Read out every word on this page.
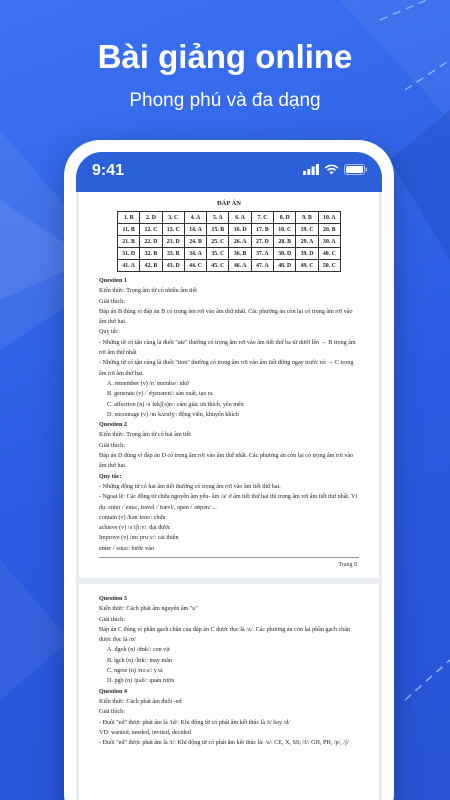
Bài giảng online
Phong phú và đa dạng
9:41
ĐÁP ÁN
1. B	2. D	3. C	4. A	5. A	6. A	7. C	8. D	9. B	10. A
11. B	12. C	13. C	14. A	15. B	16. D	17. B	18. C	19. C	20. B
21. B	22. D	23. D	24. B	25. C	26. A	27. D	28. B	29. A	30. A
31. D	32. B	33. B	34. A	35. C	36. B	37. A	38. D	39. D	40. C
41. A	42. B	43. D	44. C	45. C	46. A	47. A	48. D	49. C	50. C

Question 1

Kiến thức: Trọng âm từ có nhiều âm tiết

Giải thích:

Đáp án B đúng vì đáp án B có trọng âm rơi vào âm thứ nhất. Các phương án còn lại có trọng âm rơi vào

âm thứ hai.

Quy tắc:

- Những từ có tận cùng là đuôi "ate" thường có trọng âm rơi vào âm tiết thứ ba từ dưới lên → B trọng âm

rơi âm thứ nhất

- Những từ có tận cùng là đuôi "tion" thường có trọng âm rơi vào âm tiết đứng ngay trước nó → C trọng

âm rơi âm thứ hai.

A. remember (v) /rɪˈmembə/: nhớ

B. generate (v) /ˈdʒenəreɪt/: sản xuất, tạo ra

C. affection (n) /əˈfekʃ(ə)n/: cảm giác ưa thích, yêu mến

D. encourage (v) /ɪnˈkʌrɪdʒ/: động viên, khuyến khích

Question 2

Kiến thức: Trọng âm từ có hai âm tiết

Giải thích:

Đáp án D đúng vì đáp án D có trọng âm rơi vào âm thứ nhất. Các phương án còn lại có trọng âm rơi vào

âm thứ hai.

Quy tắc:

- Những động từ có hai âm tiết thường có trọng âm rơi vào âm tiết thứ hai.

- Ngoại lệ: Các động từ chứa nguyên âm yếu- âm /ə/ ở âm tiết thứ hai thì trọng âm rơi âm tiết thứ nhất. Ví

dụ: enter /ˈentə/, travel /ˈtrævl/, open /ˈəʊpən/ ...

contain (v) /kənˈteɪn/: chứa

achieve (v) /əˈtʃiːv/: đạt được

Improve (v) /ɪmˈpruːv/: cải thiện

enter /ˈentə/: bước vào

Trang 8

Question 3

Kiến thức: Cách phát âm nguyên âm "u"

Giải thích:

Đáp án C đúng vì phần gạch chân của đáp án C được đọc là /ʌ/. Các phương án còn lại phần gạch chân

được đọc là /ʊ/

A. đgok (n) /dʊk/: con vịt

B. lgck (n) /lʊk/: may mắn

C. ngrse (n) /nɜːs/: y tá

D. pgb (n) /pʌb/: quán rượu

Question 4

Kiến thức: Cách phát âm đuôi -ed

Giải thích:

- Đuôi "ed" được phát âm là /id/: Khi động từ có phát âm kết thúc là /t/ hay /d/

VD: wanted, needed, invited, decided

- Đuôi "ed" được phát âm là /t/: Khi động từ có phát âm kết thúc là: /s/: CE, X, SS; /f/: GH, PH, /p/, /ʃ/
